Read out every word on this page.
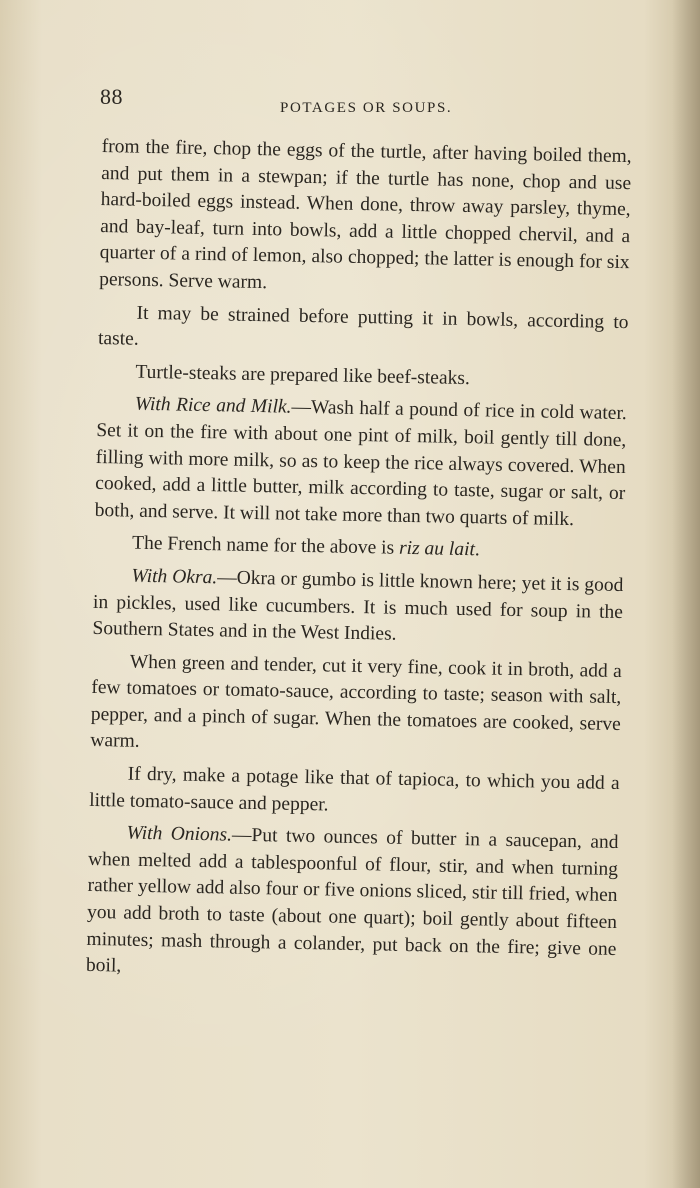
88	POTAGES OR SOUPS.

from the fire, chop the eggs of the turtle, after having boiled them, and put them in a stewpan; if the turtle has none, chop and use hard-boiled eggs instead. When done, throw away parsley, thyme, and bay-leaf, turn into bowls, add a little chopped chervil, and a quarter of a rind of lemon, also chopped; the latter is enough for six persons. Serve warm.

It may be strained before putting it in bowls, according to taste.

Turtle-steaks are prepared like beef-steaks.

With Rice and Milk.—Wash half a pound of rice in cold water. Set it on the fire with about one pint of milk, boil gently till done, filling with more milk, so as to keep the rice always covered. When cooked, add a little butter, milk according to taste, sugar or salt, or both, and serve. It will not take more than two quarts of milk.

The French name for the above is riz au lait.

With Okra.—Okra or gumbo is little known here; yet it is good in pickles, used like cucumbers. It is much used for soup in the Southern States and in the West Indies.

When green and tender, cut it very fine, cook it in broth, add a few tomatoes or tomato-sauce, according to taste; season with salt, pepper, and a pinch of sugar. When the tomatoes are cooked, serve warm.

If dry, make a potage like that of tapioca, to which you add a little tomato-sauce and pepper.

With Onions.—Put two ounces of butter in a saucepan, and when melted add a tablespoonful of flour, stir, and when turning rather yellow add also four or five onions sliced, stir till fried, when you add broth to taste (about one quart); boil gently about fifteen minutes; mash through a colander, put back on the fire; give one boil,
